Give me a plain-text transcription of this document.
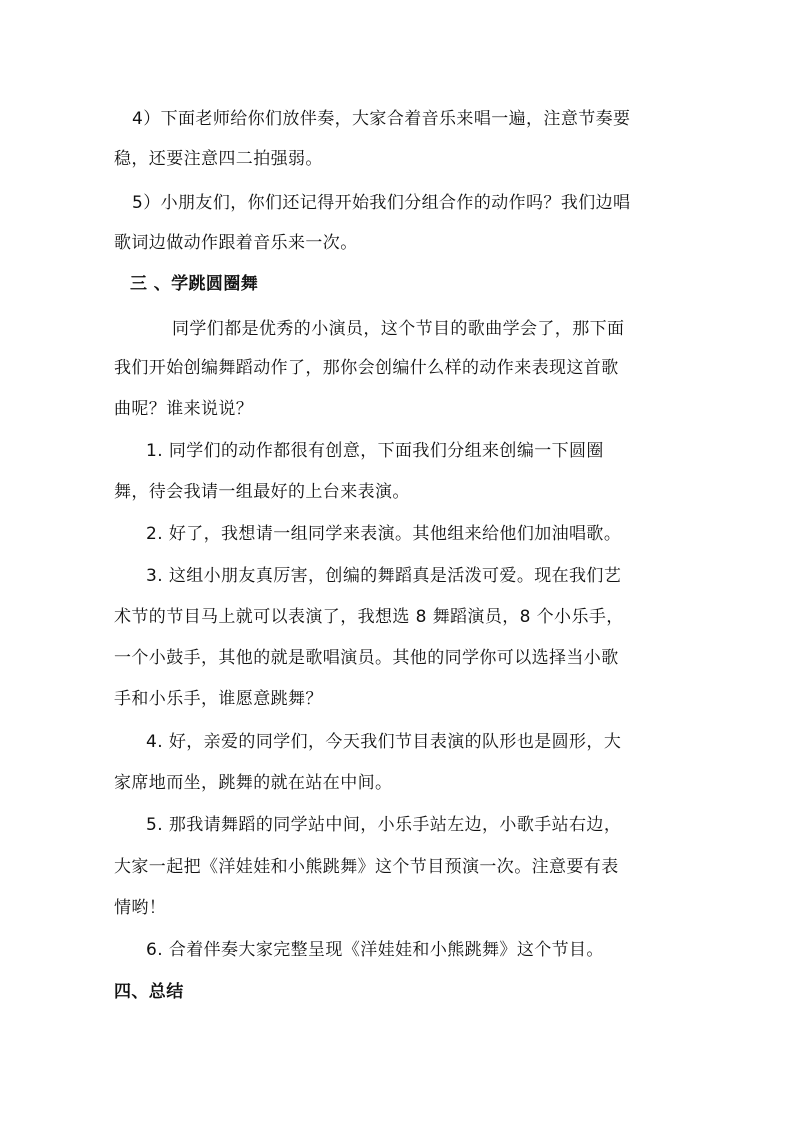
4）下面老师给你们放伴奏，大家合着音乐来唱一遍，注意节奏要
稳，还要注意四二拍强弱。
5）小朋友们，你们还记得开始我们分组合作的动作吗？我们边唱
歌词边做动作跟着音乐来一次。
三 、学跳圆圈舞
同学们都是优秀的小演员，这个节目的歌曲学会了，那下面
我们开始创编舞蹈动作了，那你会创编什么样的动作来表现这首歌
曲呢？谁来说说？
1. 同学们的动作都很有创意，下面我们分组来创编一下圆圈
舞，待会我请一组最好的上台来表演。
2. 好了，我想请一组同学来表演。其他组来给他们加油唱歌。
3. 这组小朋友真厉害，创编的舞蹈真是活泼可爱。现在我们艺
术节的节目马上就可以表演了，我想选 8 舞蹈演员，8 个小乐手，
一个小鼓手，其他的就是歌唱演员。其他的同学你可以选择当小歌
手和小乐手，谁愿意跳舞？
4. 好，亲爱的同学们，今天我们节目表演的队形也是圆形，大
家席地而坐，跳舞的就在站在中间。
5. 那我请舞蹈的同学站中间，小乐手站左边，小歌手站右边，
大家一起把《洋娃娃和小熊跳舞》这个节目预演一次。注意要有表
情哟！
6. 合着伴奏大家完整呈现《洋娃娃和小熊跳舞》这个节目。
四、总结
